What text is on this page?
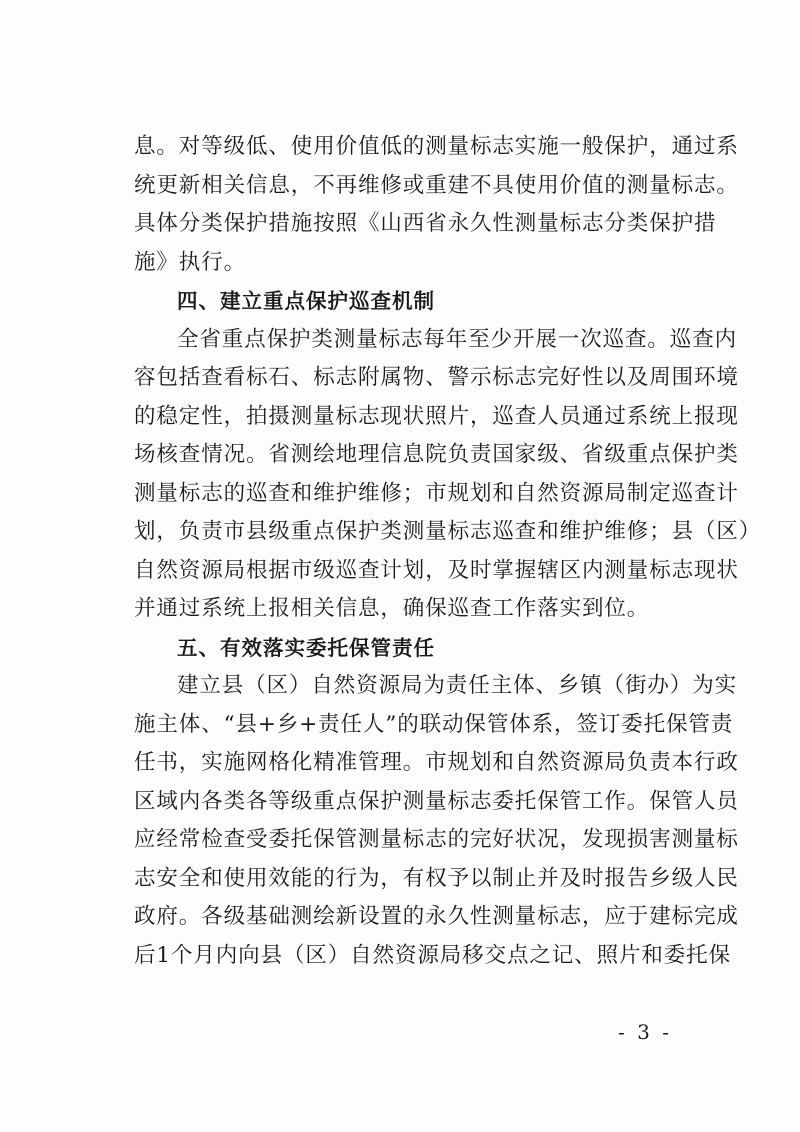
息。对等级低、使用价值低的测量标志实施一般保护，通过系
统更新相关信息，不再维修或重建不具使用价值的测量标志。
具体分类保护措施按照《山西省永久性测量标志分类保护措
施》执行。
四、建立重点保护巡查机制
全省重点保护类测量标志每年至少开展一次巡查。巡查内
容包括查看标石、标志附属物、警示标志完好性以及周围环境
的稳定性，拍摄测量标志现状照片，巡查人员通过系统上报现
场核查情况。省测绘地理信息院负责国家级、省级重点保护类
测量标志的巡查和维护维修；市规划和自然资源局制定巡查计
划，负责市县级重点保护类测量标志巡查和维护维修；县（区）
自然资源局根据市级巡查计划，及时掌握辖区内测量标志现状
并通过系统上报相关信息，确保巡查工作落实到位。
五、有效落实委托保管责任
建立县（区）自然资源局为责任主体、乡镇（街办）为实
施主体、“县+乡+责任人”的联动保管体系，签订委托保管责
任书，实施网格化精准管理。市规划和自然资源局负责本行政
区域内各类各等级重点保护测量标志委托保管工作。保管人员
应经常检查受委托保管测量标志的完好状况，发现损害测量标
志安全和使用效能的行为，有权予以制止并及时报告乡级人民
政府。各级基础测绘新设置的永久性测量标志，应于建标完成
后1个月内向县（区）自然资源局移交点之记、照片和委托保
- 3 -
